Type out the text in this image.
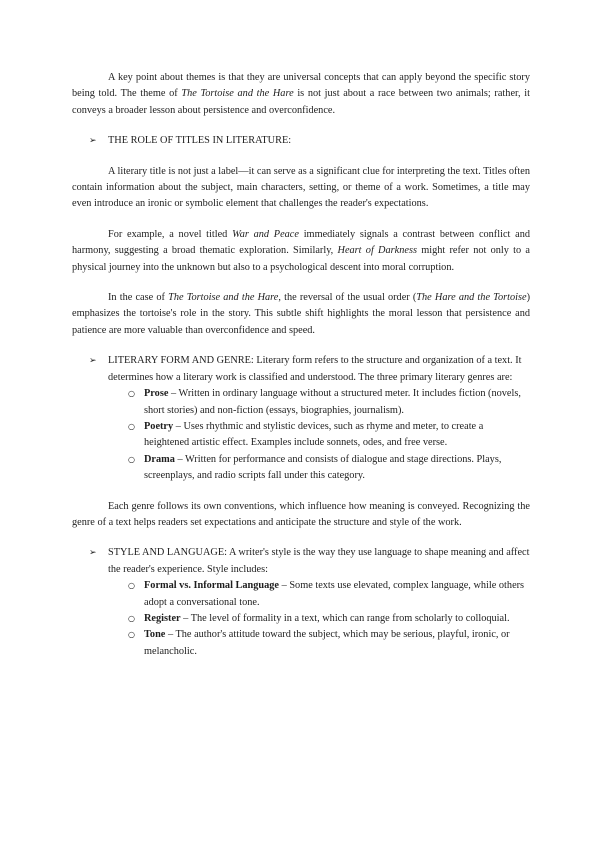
A key point about themes is that they are universal concepts that can apply beyond the specific story being told. The theme of The Tortoise and the Hare is not just about a race between two animals; rather, it conveys a broader lesson about persistence and overconfidence.

➢ THE ROLE OF TITLES IN LITERATURE:

A literary title is not just a label—it can serve as a significant clue for interpreting the text. Titles often contain information about the subject, main characters, setting, or theme of a work. Sometimes, a title may even introduce an ironic or symbolic element that challenges the reader's expectations.

For example, a novel titled War and Peace immediately signals a contrast between conflict and harmony, suggesting a broad thematic exploration. Similarly, Heart of Darkness might refer not only to a physical journey into the unknown but also to a psychological descent into moral corruption.

In the case of The Tortoise and the Hare, the reversal of the usual order (The Hare and the Tortoise) emphasizes the tortoise's role in the story. This subtle shift highlights the moral lesson that persistence and patience are more valuable than overconfidence and speed.

➢ LITERARY FORM AND GENRE: Literary form refers to the structure and organization of a text. It determines how a literary work is classified and understood. The three primary literary genres are:

○ Prose – Written in ordinary language without a structured meter. It includes fiction (novels, short stories) and non-fiction (essays, biographies, journalism).
○ Poetry – Uses rhythmic and stylistic devices, such as rhyme and meter, to create a heightened artistic effect. Examples include sonnets, odes, and free verse.
○ Drama – Written for performance and consists of dialogue and stage directions. Plays, screenplays, and radio scripts fall under this category.

Each genre follows its own conventions, which influence how meaning is conveyed. Recognizing the genre of a text helps readers set expectations and anticipate the structure and style of the work.

➢ STYLE AND LANGUAGE: A writer's style is the way they use language to shape meaning and affect the reader's experience. Style includes:

○ Formal vs. Informal Language – Some texts use elevated, complex language, while others adopt a conversational tone.
○ Register – The level of formality in a text, which can range from scholarly to colloquial.
○ Tone – The author's attitude toward the subject, which may be serious, playful, ironic, or melancholic.
